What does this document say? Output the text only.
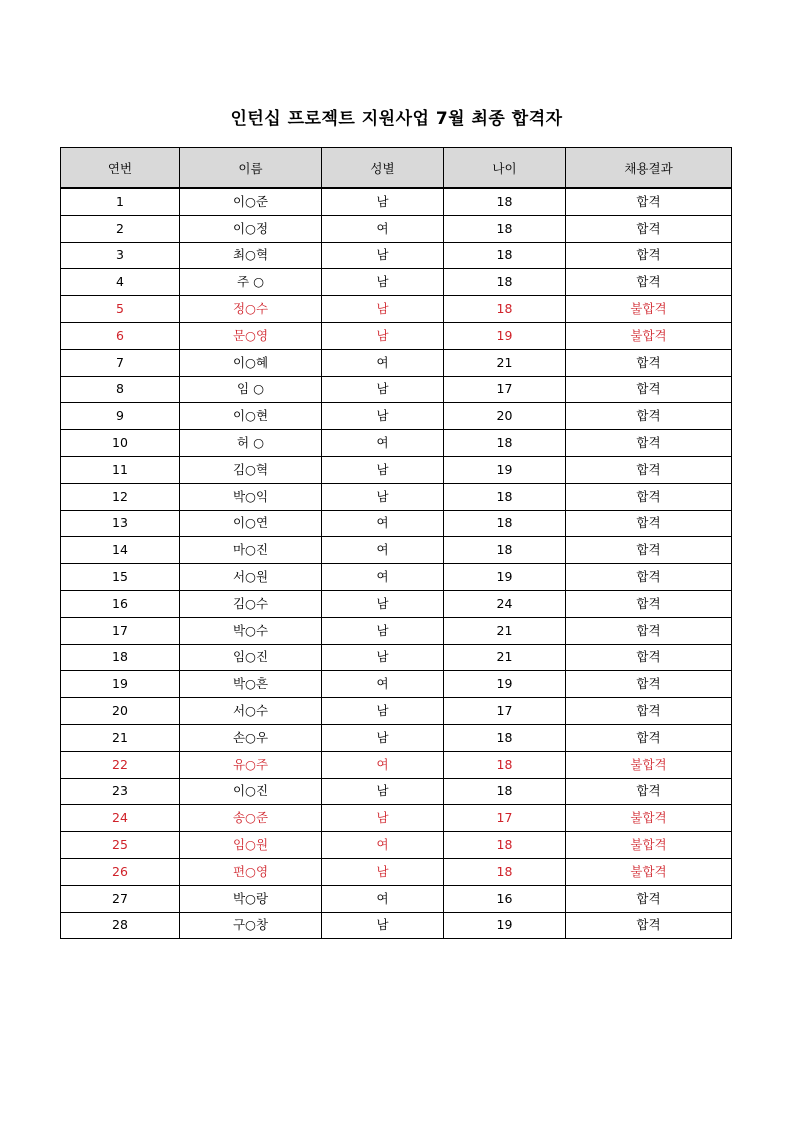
인턴십 프로젝트 지원사업 7월 최종 합격자
연번	이름	성별	나이	채용결과
1	이○준	남	18	합격
2	이○정	여	18	합격
3	최○혁	남	18	합격
4	주 ○	남	18	합격
5	정○수	남	18	불합격
6	문○영	남	19	불합격
7	이○혜	여	21	합격
8	임 ○	남	17	합격
9	이○현	남	20	합격
10	허 ○	여	18	합격
11	김○혁	남	19	합격
12	박○익	남	18	합격
13	이○연	여	18	합격
14	마○진	여	18	합격
15	서○원	여	19	합격
16	김○수	남	24	합격
17	박○수	남	21	합격
18	임○진	남	21	합격
19	박○흔	여	19	합격
20	서○수	남	17	합격
21	손○우	남	18	합격
22	유○주	여	18	불합격
23	이○진	남	18	합격
24	송○준	남	17	불합격
25	임○원	여	18	불합격
26	편○영	남	18	불합격
27	박○랑	여	16	합격
28	구○창	남	19	합격
